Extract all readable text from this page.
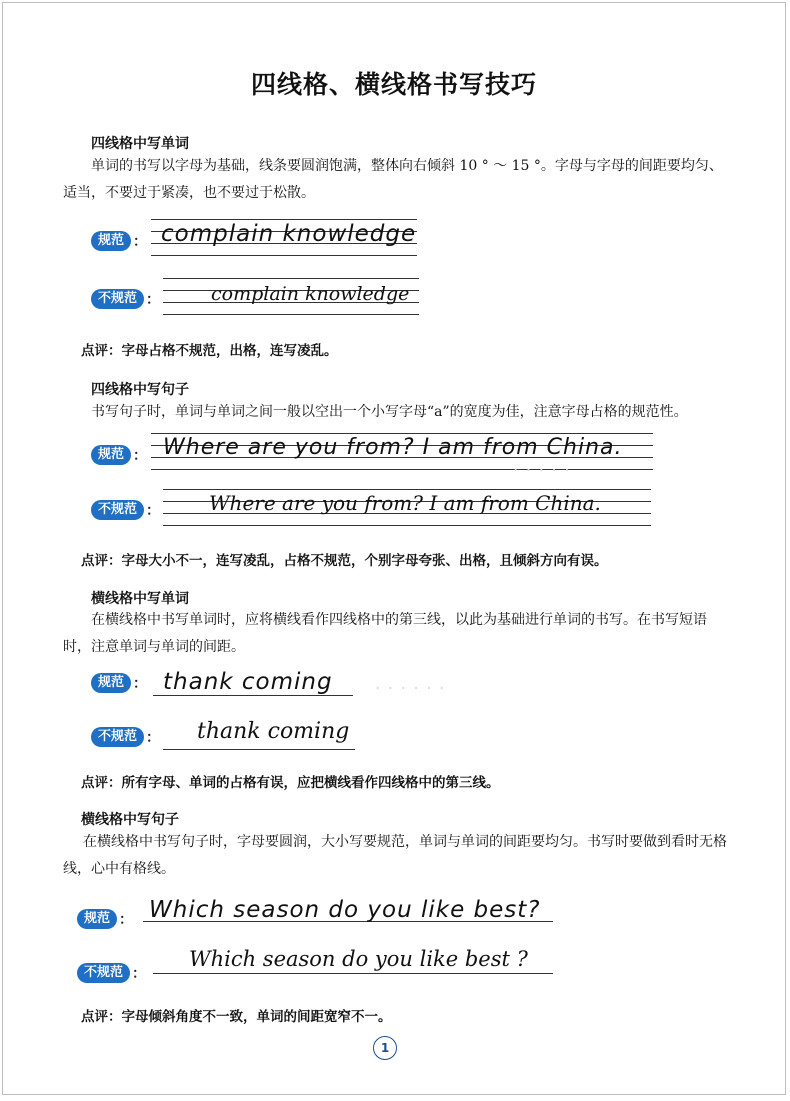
四线格、横线格书写技巧
四线格中写单词
单词的书写以字母为基础，线条要圆润饱满，整体向右倾斜 10 ° ～ 15 °。字母与字母的间距要均匀、适当，不要过于紧凑，也不要过于松散。
规范 ： complain knowledge
不规范 ：	complain knowledge
点评：字母占格不规范，出格，连写凌乱。
四线格中写句子
书写句子时，单词与单词之间一般以空出一个小写字母“a”的宽度为佳，注意字母占格的规范性。
规范 ：
· · · · ·
Where are you from? I am from China.
不规范 ： Where are you from? I am from China.
点评：字母大小不一，连写凌乱，占格不规范，个别字母夸张、出格，且倾斜方向有误。
横线格中写单词
在横线格中书写单词时，应将横线看作四线格中的第三线，以此为基础进行单词的书写。在书写短语时，注意单词与单词的间距。
规范 ：	· · · · · ·
thank coming
不规范 ： thank coming
点评：所有字母、单词的占格有误，应把横线看作四线格中的第三线。
横线格中写句子
在横线格中书写句子时，字母要圆润，大小写要规范，单词与单词的间距要均匀。书写时要做到看时无格线，心中有格线。
规范 ： Which season do you like best?
不规范 ：
Which season do you like best ?
点评：字母倾斜角度不一致，单词的间距宽窄不一。
1
